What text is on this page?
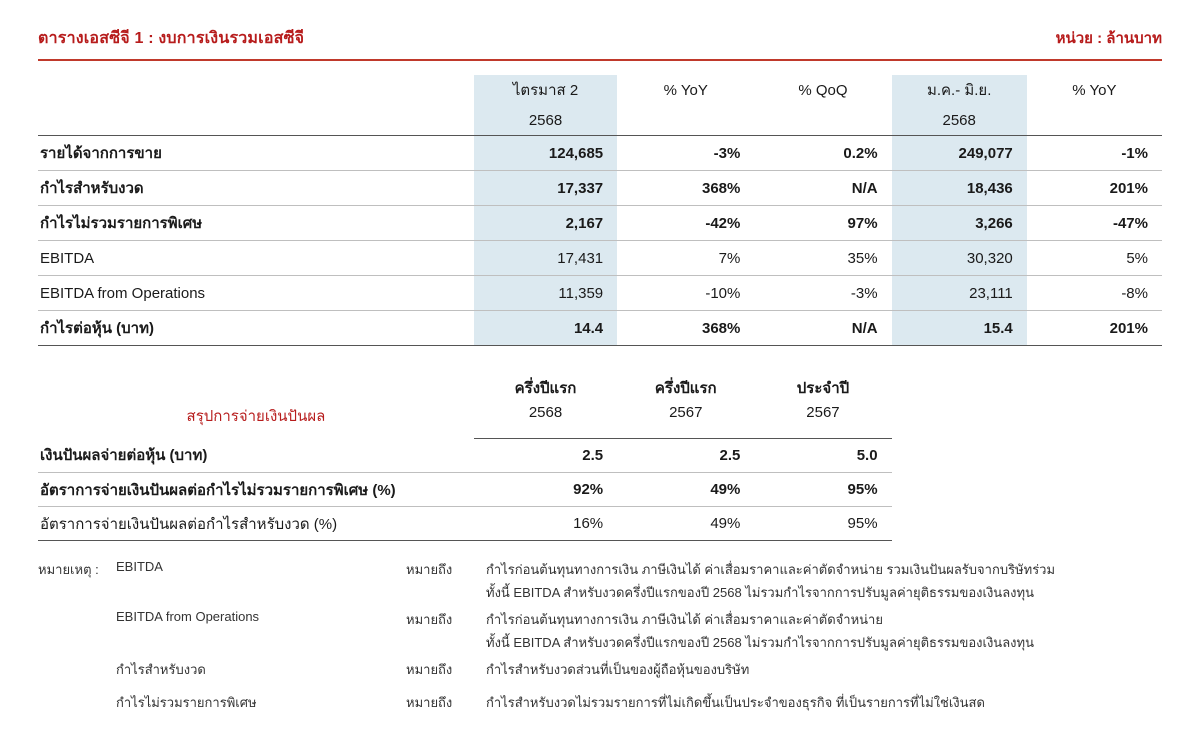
ตารางเอสซีจี 1 : งบการเงินรวมเอสซีจี	หน่วย : ล้านบาท
	ไตรมาส 2	% YoY	% QoQ	ม.ค.- มิ.ย.	% YoY
	2568			2568	

รายได้จากการขาย	124,685	-3%	0.2%	249,077	-1%
กำไรสำหรับงวด	17,337	368%	N/A	18,436	201%
กำไรไม่รวมรายการพิเศษ	2,167	-42%	97%	3,266	-47%
EBITDA	17,431	7%	35%	30,320	5%
EBITDA from Operations	11,359	-10%	-3%	23,111	-8%
กำไรต่อหุ้น (บาท)	14.4	368%	N/A	15.4	201%
	ครึ่งปีแรก	ครึ่งปีแรก	ประจำปี	
สรุปการจ่ายเงินปันผล	2568	2567	2567	
เงินปันผลจ่ายต่อหุ้น (บาท)	2.5	2.5	5.0	
อัตราการจ่ายเงินปันผลต่อกำไรไม่รวมรายการพิเศษ (%)	92%	49%	95%	
อัตราการจ่ายเงินปันผลต่อกำไรสำหรับงวด (%)	16%	49%	95%	
หมายเหตุ :	EBITDA	หมายถึง	กำไรก่อนต้นทุนทางการเงิน ภาษีเงินได้ ค่าเสื่อมราคาและค่าตัดจำหน่าย รวมเงินปันผลรับจากบริษัทร่วม
ทั้งนี้ EBITDA สำหรับงวดครึ่งปีแรกของปี 2568 ไม่รวมกำไรจากการปรับมูลค่ายุติธรรมของเงินลงทุน
EBITDA from Operations	หมายถึง	กำไรก่อนต้นทุนทางการเงิน ภาษีเงินได้ ค่าเสื่อมราคาและค่าตัดจำหน่าย
ทั้งนี้ EBITDA สำหรับงวดครึ่งปีแรกของปี 2568 ไม่รวมกำไรจากการปรับมูลค่ายุติธรรมของเงินลงทุน
กำไรสำหรับงวด	หมายถึง	กำไรสำหรับงวดส่วนที่เป็นของผู้ถือหุ้นของบริษัท
กำไรไม่รวมรายการพิเศษ	หมายถึง	กำไรสำหรับงวดไม่รวมรายการที่ไม่เกิดขึ้นเป็นประจำของธุรกิจ ที่เป็นรายการที่ไม่ใช่เงินสด
